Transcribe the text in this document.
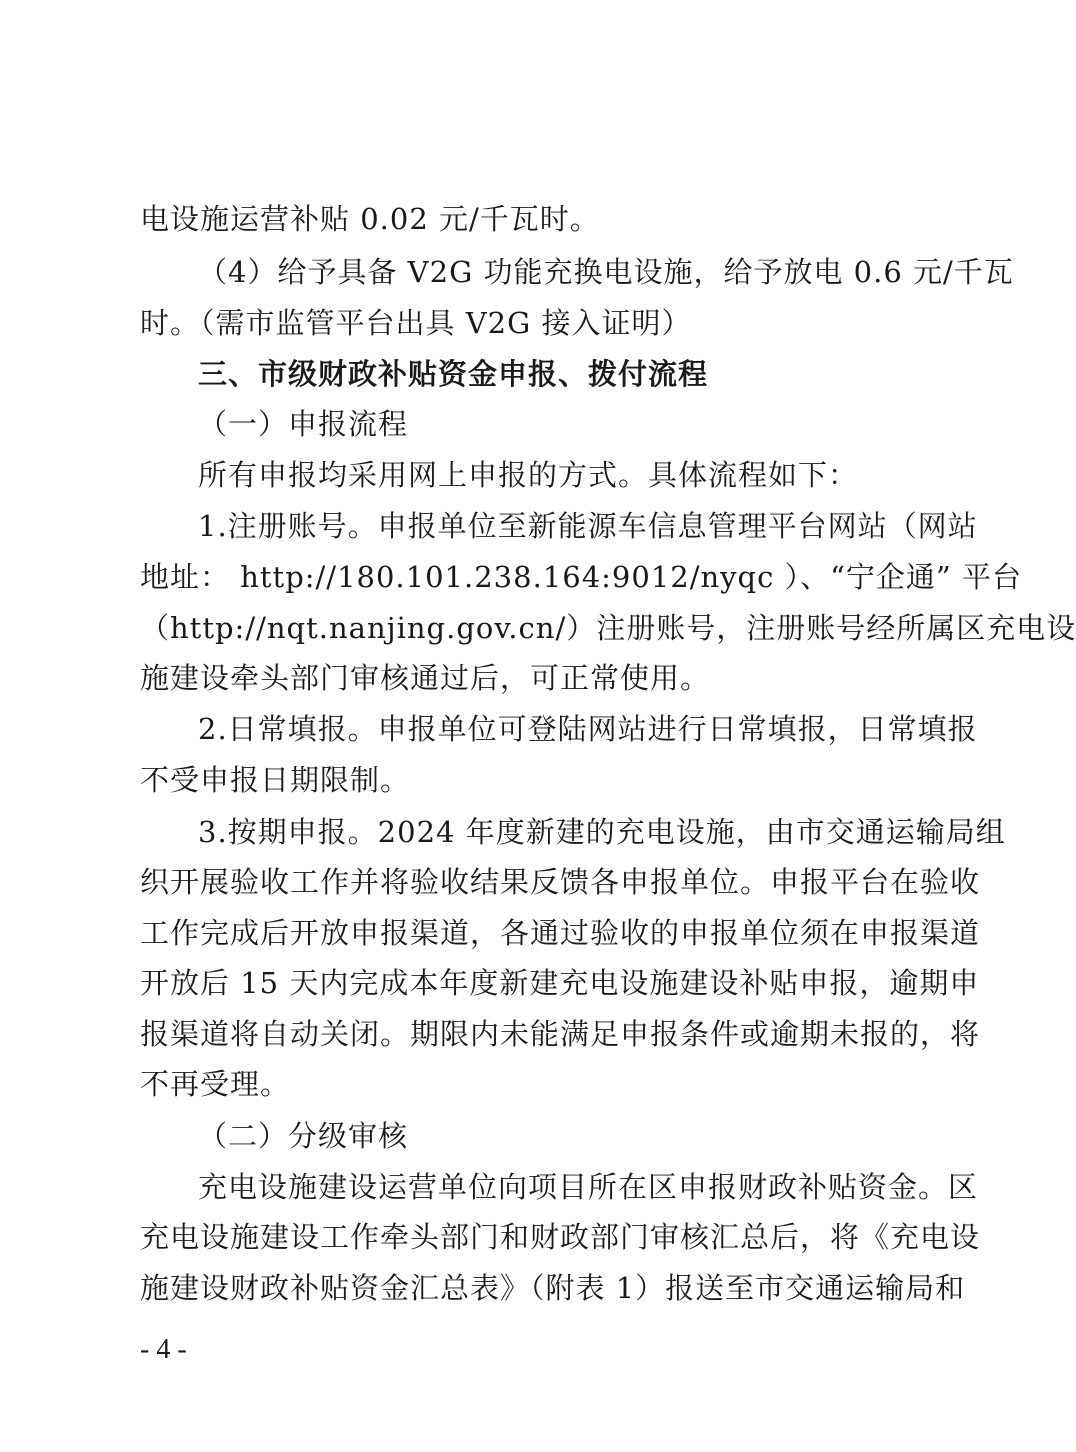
电设施运营补贴 0.02 元/千瓦时。
（4）给予具备 V2G 功能充换电设施，给予放电 0.6 元/千瓦
时。（需市监管平台出具 V2G 接入证明）
三、市级财政补贴资金申报、拨付流程
（一）申报流程
所有申报均采用网上申报的方式。具体流程如下：
1.注册账号。申报单位至新能源车信息管理平台网站（网站
地址： http://180.101.238.164:9012/nyqc ）、“宁企通” 平台
（http://nqt.nanjing.gov.cn/）注册账号，注册账号经所属区充电设
施建设牵头部门审核通过后，可正常使用。
2.日常填报。申报单位可登陆网站进行日常填报，日常填报
不受申报日期限制。
3.按期申报。2024 年度新建的充电设施，由市交通运输局组
织开展验收工作并将验收结果反馈各申报单位。申报平台在验收
工作完成后开放申报渠道，各通过验收的申报单位须在申报渠道
开放后 15 天内完成本年度新建充电设施建设补贴申报，逾期申
报渠道将自动关闭。期限内未能满足申报条件或逾期未报的，将
不再受理。
（二）分级审核
充电设施建设运营单位向项目所在区申报财政补贴资金。区
充电设施建设工作牵头部门和财政部门审核汇总后，将《充电设
施建设财政补贴资金汇总表》（附表 1）报送至市交通运输局和
- 4 -
